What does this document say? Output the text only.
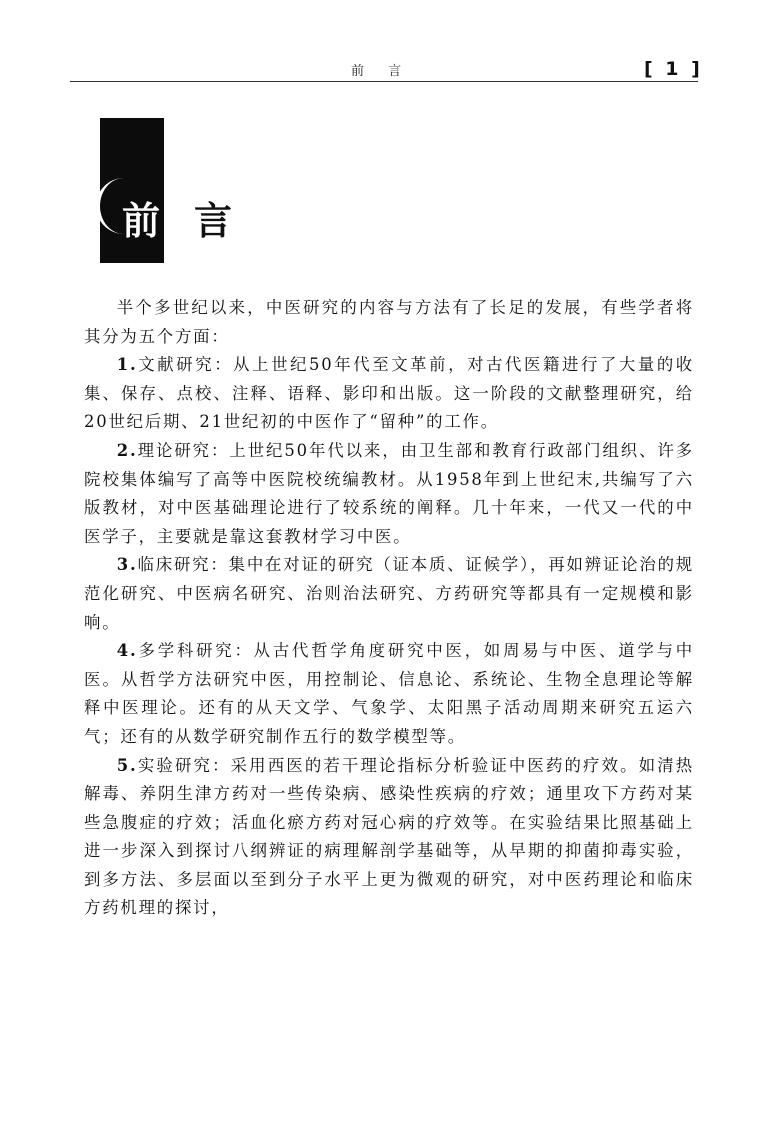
前 言	[ 1 ]
前言

半个多世纪以来，中医研究的内容与方法有了长足的发展，有些学者将其分为五个方面：

1.文献研究：从上世纪50年代至文革前，对古代医籍进行了大量的收集、保存、点校、注释、语释、影印和出版。这一阶段的文献整理研究，给20世纪后期、21世纪初的中医作了“留种”的工作。

2.理论研究：上世纪50年代以来，由卫生部和教育行政部门组织、许多院校集体编写了高等中医院校统编教材。从1958年到上世纪末,共编写了六版教材，对中医基础理论进行了较系统的阐释。几十年来，一代又一代的中医学子，主要就是靠这套教材学习中医。

3.临床研究：集中在对证的研究（证本质、证候学），再如辨证论治的规范化研究、中医病名研究、治则治法研究、方药研究等都具有一定规模和影响。

4.多学科研究：从古代哲学角度研究中医，如周易与中医、道学与中医。从哲学方法研究中医，用控制论、信息论、系统论、生物全息理论等解释中医理论。还有的从天文学、气象学、太阳黑子活动周期来研究五运六气；还有的从数学研究制作五行的数学模型等。

5.实验研究：采用西医的若干理论指标分析验证中医药的疗效。如清热解毒、养阴生津方药对一些传染病、感染性疾病的疗效；通里攻下方药对某些急腹症的疗效；活血化瘀方药对冠心病的疗效等。在实验结果比照基础上进一步深入到探讨八纲辨证的病理解剖学基础等，从早期的抑菌抑毒实验，到多方法、多层面以至到分子水平上更为微观的研究，对中医药理论和临床方药机理的探讨，
